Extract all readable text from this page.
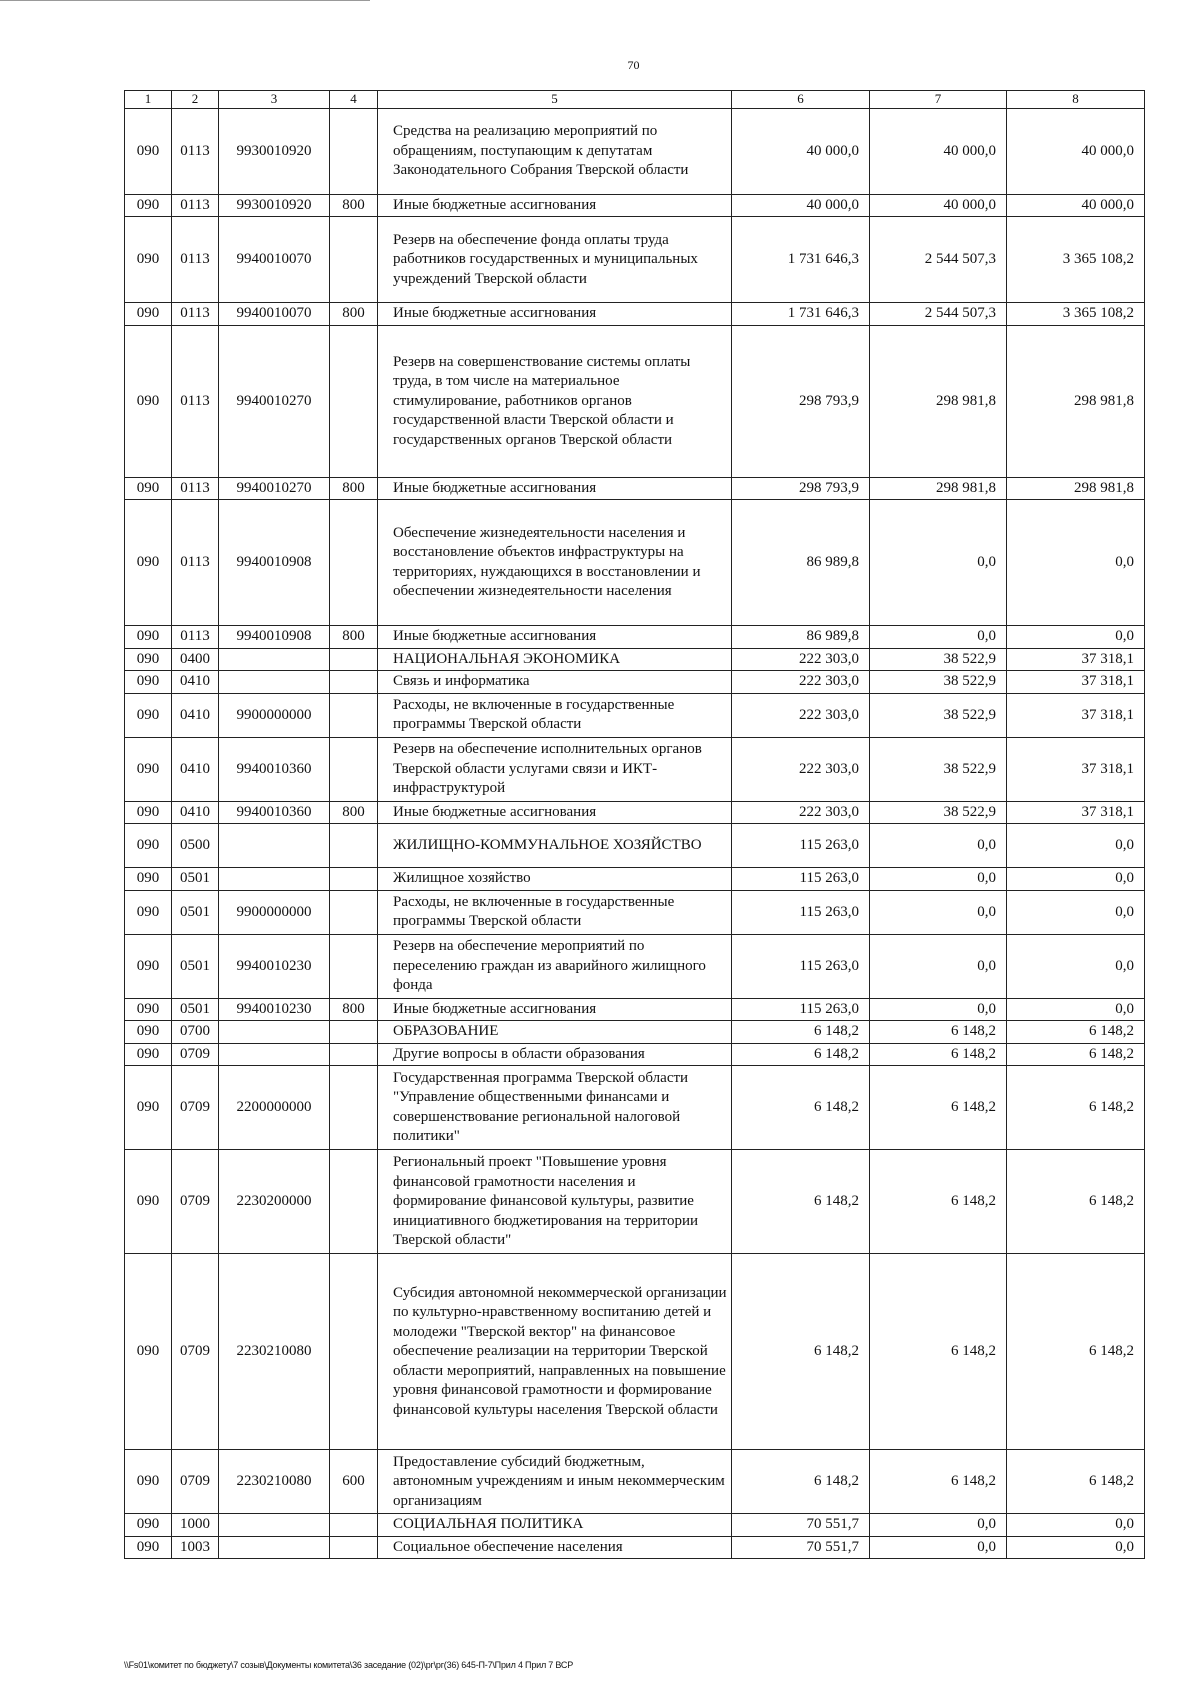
70
1	2	3	4	5	6	7	8
090	0113	9930010920		Средства на реализацию мероприятий по обращениям, поступающим к депутатам Законодательного Собрания Тверской области	40 000,0	40 000,0	40 000,0
090	0113	9930010920	800	Иные бюджетные ассигнования	40 000,0	40 000,0	40 000,0
090	0113	9940010070		Резерв на обеспечение фонда оплаты труда работников государственных и муниципальных учреждений Тверской области	1 731 646,3	2 544 507,3	3 365 108,2
090	0113	9940010070	800	Иные бюджетные ассигнования	1 731 646,3	2 544 507,3	3 365 108,2
090	0113	9940010270		Резерв на совершенствование системы оплаты труда, в том числе на материальное стимулирование, работников органов государственной власти Тверской области и государственных органов Тверской области	298 793,9	298 981,8	298 981,8
090	0113	9940010270	800	Иные бюджетные ассигнования	298 793,9	298 981,8	298 981,8
090	0113	9940010908		Обеспечение жизнедеятельности населения и восстановление объектов инфраструктуры на территориях, нуждающихся в восстановлении и обеспечении жизнедеятельности населения	86 989,8	0,0	0,0
090	0113	9940010908	800	Иные бюджетные ассигнования	86 989,8	0,0	0,0
090	0400			НАЦИОНАЛЬНАЯ ЭКОНОМИКА	222 303,0	38 522,9	37 318,1
090	0410			Связь и информатика	222 303,0	38 522,9	37 318,1
090	0410	9900000000		Расходы, не включенные в государственные программы Тверской области	222 303,0	38 522,9	37 318,1
090	0410	9940010360		Резерв на обеспечение исполнительных органов Тверской области услугами связи и ИКТ-инфраструктурой	222 303,0	38 522,9	37 318,1
090	0410	9940010360	800	Иные бюджетные ассигнования	222 303,0	38 522,9	37 318,1
090	0500			ЖИЛИЩНО-КОММУНАЛЬНОЕ ХОЗЯЙСТВО	115 263,0	0,0	0,0
090	0501			Жилищное хозяйство	115 263,0	0,0	0,0
090	0501	9900000000		Расходы, не включенные в государственные программы Тверской области	115 263,0	0,0	0,0
090	0501	9940010230		Резерв на обеспечение мероприятий по переселению граждан из аварийного жилищного фонда	115 263,0	0,0	0,0
090	0501	9940010230	800	Иные бюджетные ассигнования	115 263,0	0,0	0,0
090	0700			ОБРАЗОВАНИЕ	6 148,2	6 148,2	6 148,2
090	0709			Другие вопросы в области образования	6 148,2	6 148,2	6 148,2
090	0709	2200000000		Государственная программа Тверской области "Управление общественными финансами и совершенствование региональной налоговой политики"	6 148,2	6 148,2	6 148,2
090	0709	2230200000		Региональный проект "Повышение уровня финансовой грамотности населения и формирование финансовой культуры, развитие инициативного бюджетирования на территории Тверской области"	6 148,2	6 148,2	6 148,2
090	0709	2230210080		Субсидия автономной некоммерческой организации по культурно-нравственному воспитанию детей и молодежи "Тверской вектор" на финансовое обеспечение реализации на территории Тверской области мероприятий, направленных на повышение уровня финансовой грамотности и формирование финансовой культуры населения Тверской области	6 148,2	6 148,2	6 148,2
090	0709	2230210080	600	Предоставление субсидий бюджетным, автономным учреждениям и иным некоммерческим организациям	6 148,2	6 148,2	6 148,2
090	1000			СОЦИАЛЬНАЯ ПОЛИТИКА	70 551,7	0,0	0,0
090	1003			Социальное обеспечение населения	70 551,7	0,0	0,0
\\Fs01\комитет по бюджету\7 созыв\Документы комитета\36 заседание (02)\рг\рг(36) 645-П-7\Прил 4 Прил 7 ВСР
